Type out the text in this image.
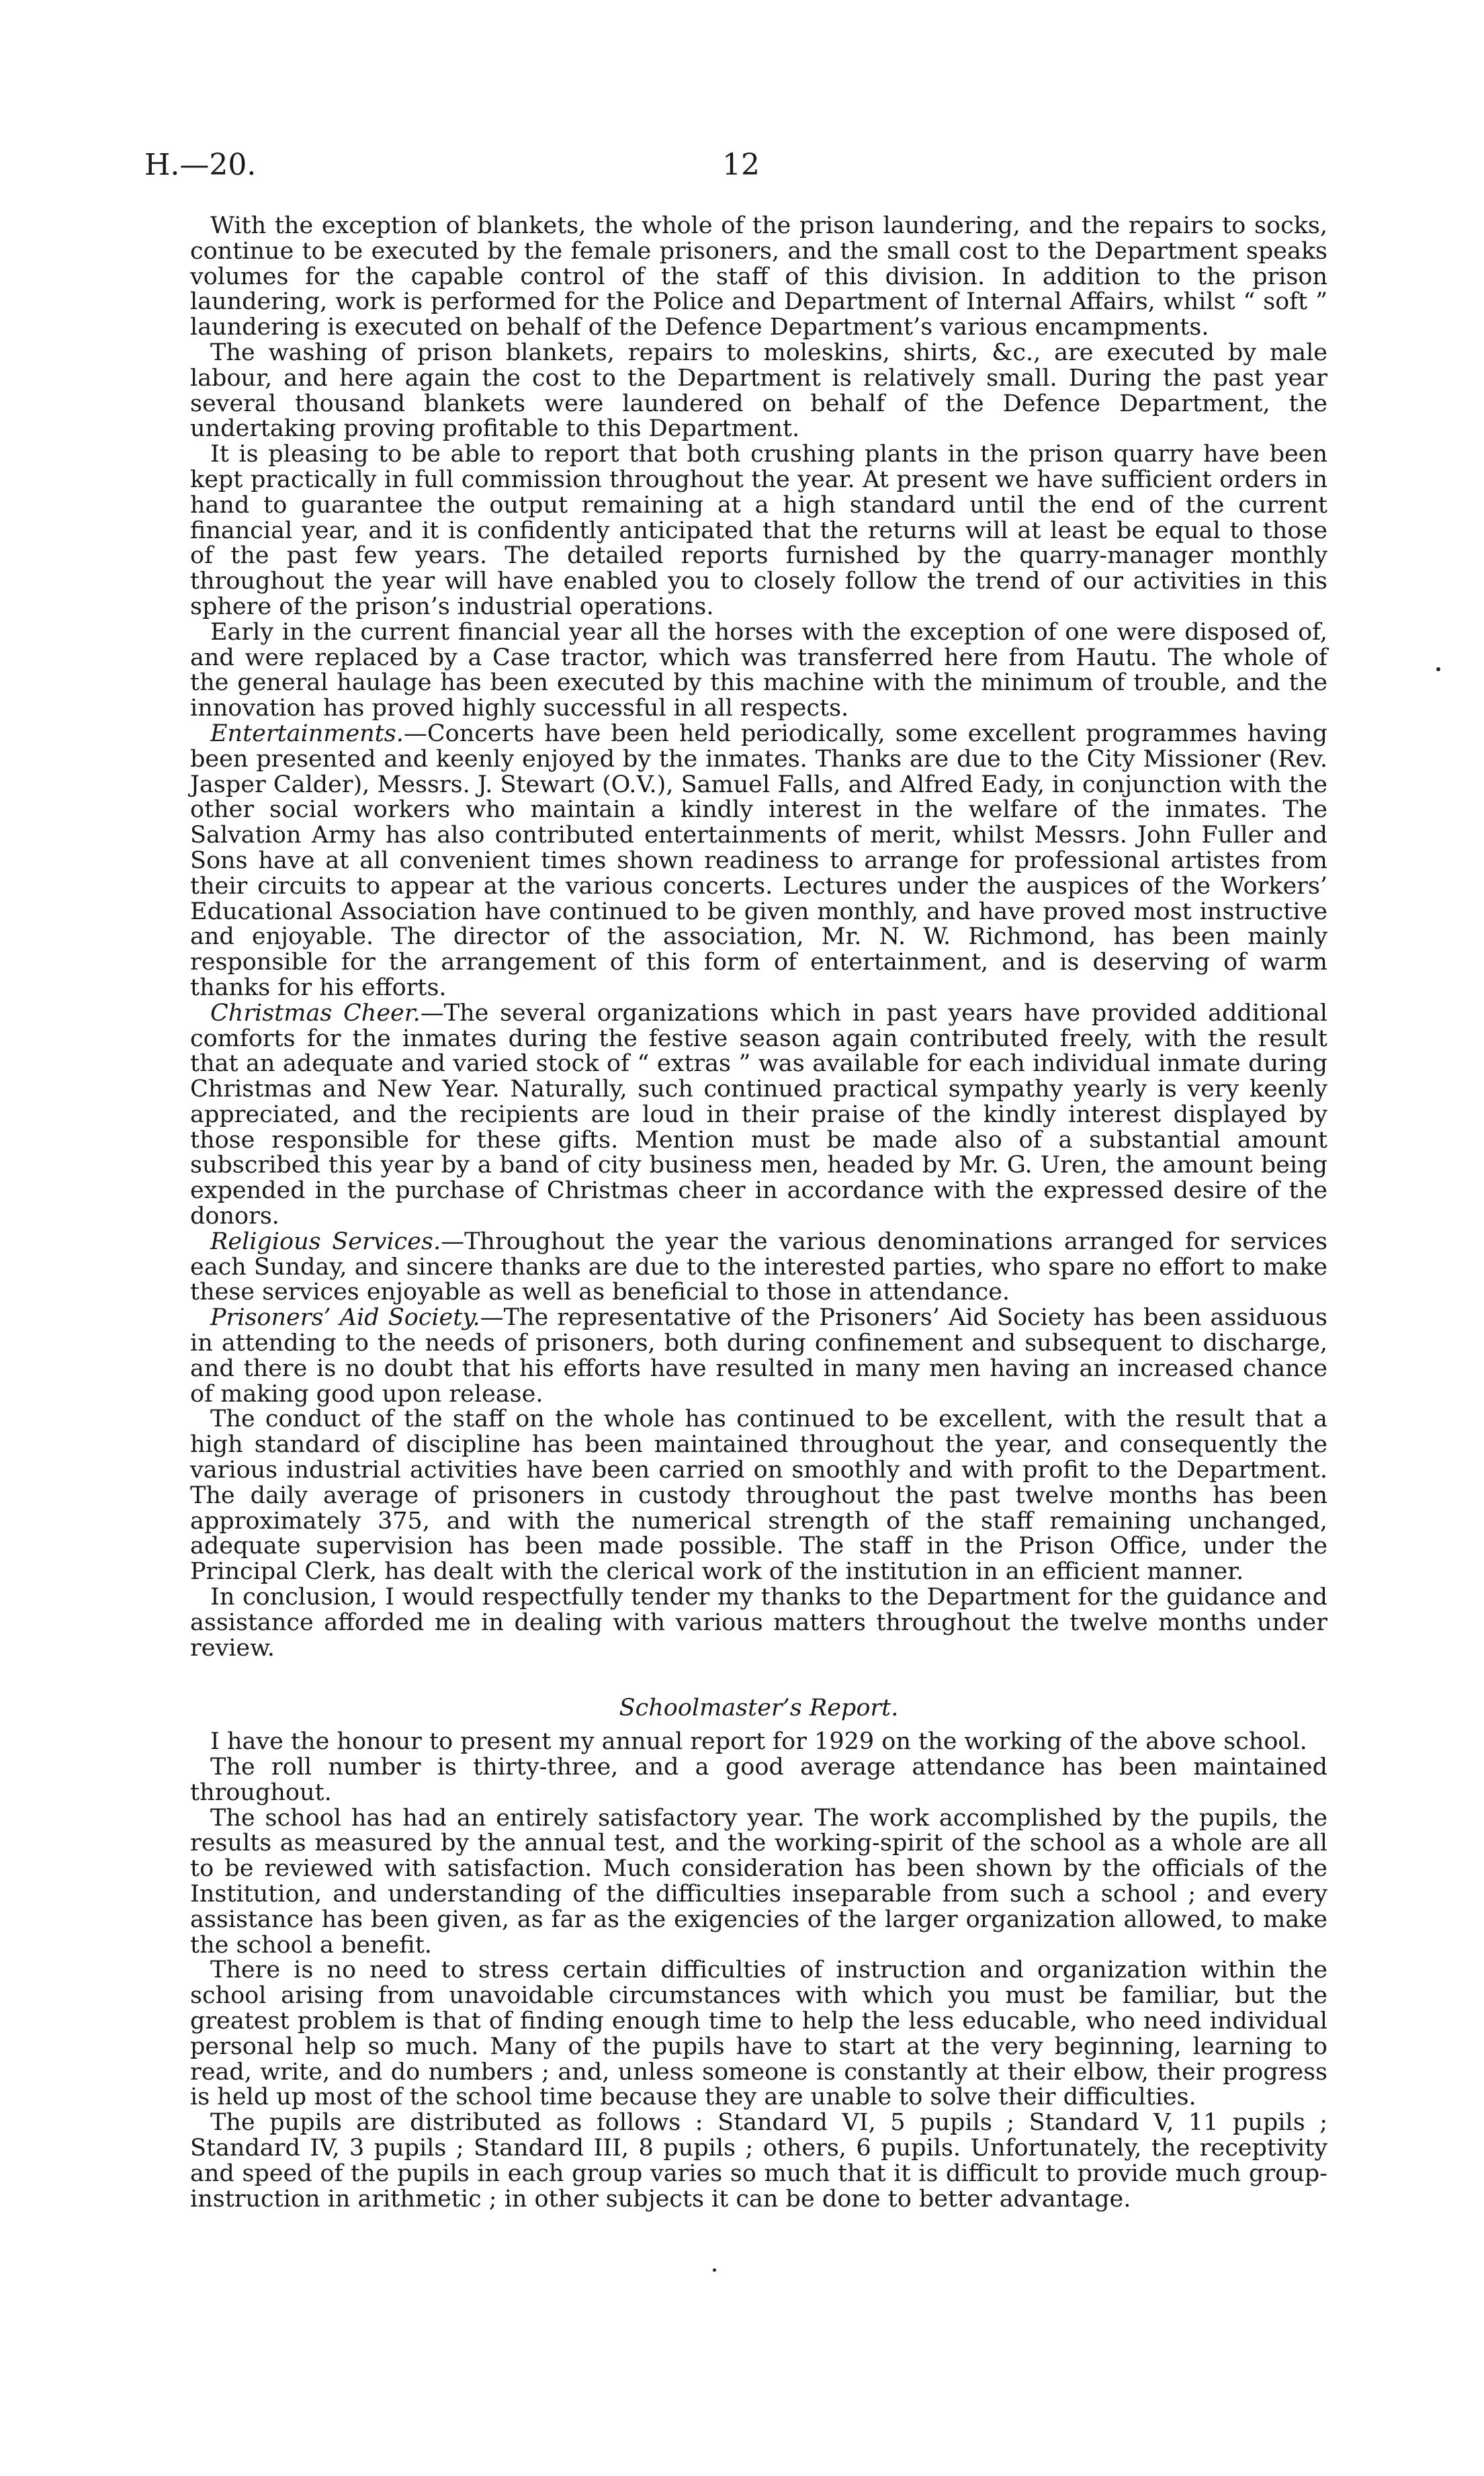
H.—20.	12

With the exception of blankets, the whole of the prison laundering, and the repairs to socks, continue to be executed by the female prisoners, and the small cost to the Department speaks volumes for the capable control of the staff of this division. In addition to the prison laundering, work is performed for the Police and Department of Internal Affairs, whilst “ soft ” laundering is executed on behalf of the Defence Department’s various encampments.

The washing of prison blankets, repairs to moleskins, shirts, &c., are executed by male labour, and here again the cost to the Department is relatively small. During the past year several thousand blankets were laundered on behalf of the Defence Department, the undertaking proving profitable to this Department.

It is pleasing to be able to report that both crushing plants in the prison quarry have been kept practically in full commission throughout the year. At present we have sufficient orders in hand to guarantee the output remaining at a high standard until the end of the current financial year, and it is confidently anticipated that the returns will at least be equal to those of the past few years. The detailed reports furnished by the quarry-manager monthly throughout the year will have enabled you to closely follow the trend of our activities in this sphere of the prison’s industrial operations.

Early in the current financial year all the horses with the exception of one were disposed of, and were replaced by a Case tractor, which was transferred here from Hautu. The whole of the general haulage has been executed by this machine with the minimum of trouble, and the innovation has proved highly successful in all respects.

Entertainments.—Concerts have been held periodically, some excellent programmes having been presented and keenly enjoyed by the inmates. Thanks are due to the City Missioner (Rev. Jasper Calder), Messrs. J. Stewart (O.V.), Samuel Falls, and Alfred Eady, in conjunction with the other social workers who maintain a kindly interest in the welfare of the inmates. The Salvation Army has also contributed entertainments of merit, whilst Messrs. John Fuller and Sons have at all convenient times shown readiness to arrange for professional artistes from their circuits to appear at the various concerts. Lectures under the auspices of the Workers’ Educational Association have continued to be given monthly, and have proved most instructive and enjoyable. The director of the association, Mr. N. W. Richmond, has been mainly responsible for the arrangement of this form of entertainment, and is deserving of warm thanks for his efforts.

Christmas Cheer.—The several organizations which in past years have provided additional comforts for the inmates during the festive season again contributed freely, with the result that an adequate and varied stock of “ extras ” was available for each individual inmate during Christmas and New Year. Naturally, such continued practical sympathy yearly is very keenly appreciated, and the recipients are loud in their praise of the kindly interest displayed by those responsible for these gifts. Mention must be made also of a substantial amount subscribed this year by a band of city business men, headed by Mr. G. Uren, the amount being expended in the purchase of Christmas cheer in accordance with the expressed desire of the donors.

Religious Services.—Throughout the year the various denominations arranged for services each Sunday, and sincere thanks are due to the interested parties, who spare no effort to make these services enjoyable as well as beneficial to those in attendance.

Prisoners’ Aid Society.—The representative of the Prisoners’ Aid Society has been assiduous in attending to the needs of prisoners, both during confinement and subsequent to discharge, and there is no doubt that his efforts have resulted in many men having an increased chance of making good upon release.

The conduct of the staff on the whole has continued to be excellent, with the result that a high standard of discipline has been maintained throughout the year, and consequently the various industrial activities have been carried on smoothly and with profit to the Department. The daily average of prisoners in custody throughout the past twelve months has been approximately 375, and with the numerical strength of the staff remaining unchanged, adequate supervision has been made possible. The staff in the Prison Office, under the Principal Clerk, has dealt with the clerical work of the institution in an efficient manner.

In conclusion, I would respectfully tender my thanks to the Department for the guidance and assistance afforded me in dealing with various matters throughout the twelve months under review.

Schoolmaster’s Report.

I have the honour to present my annual report for 1929 on the working of the above school.

The roll number is thirty-three, and a good average attendance has been maintained throughout.

The school has had an entirely satisfactory year. The work accomplished by the pupils, the results as measured by the annual test, and the working-spirit of the school as a whole are all to be reviewed with satisfaction. Much consideration has been shown by the officials of the Institution, and understanding of the difficulties inseparable from such a school ; and every assistance has been given, as far as the exigencies of the larger organization allowed, to make the school a benefit.

There is no need to stress certain difficulties of instruction and organization within the school arising from unavoidable circumstances with which you must be familiar, but the greatest problem is that of finding enough time to help the less educable, who need individual personal help so much. Many of the pupils have to start at the very beginning, learning to read, write, and do numbers ; and, unless someone is constantly at their elbow, their progress is held up most of the school time because they are unable to solve their difficulties.

The pupils are distributed as follows : Standard VI, 5 pupils ; Standard V, 11 pupils ; Standard IV, 3 pupils ; Standard III, 8 pupils ; others, 6 pupils. Unfortunately, the receptivity and speed of the pupils in each group varies so much that it is difficult to provide much group-instruction in arithmetic ; in other subjects it can be done to better advantage.
